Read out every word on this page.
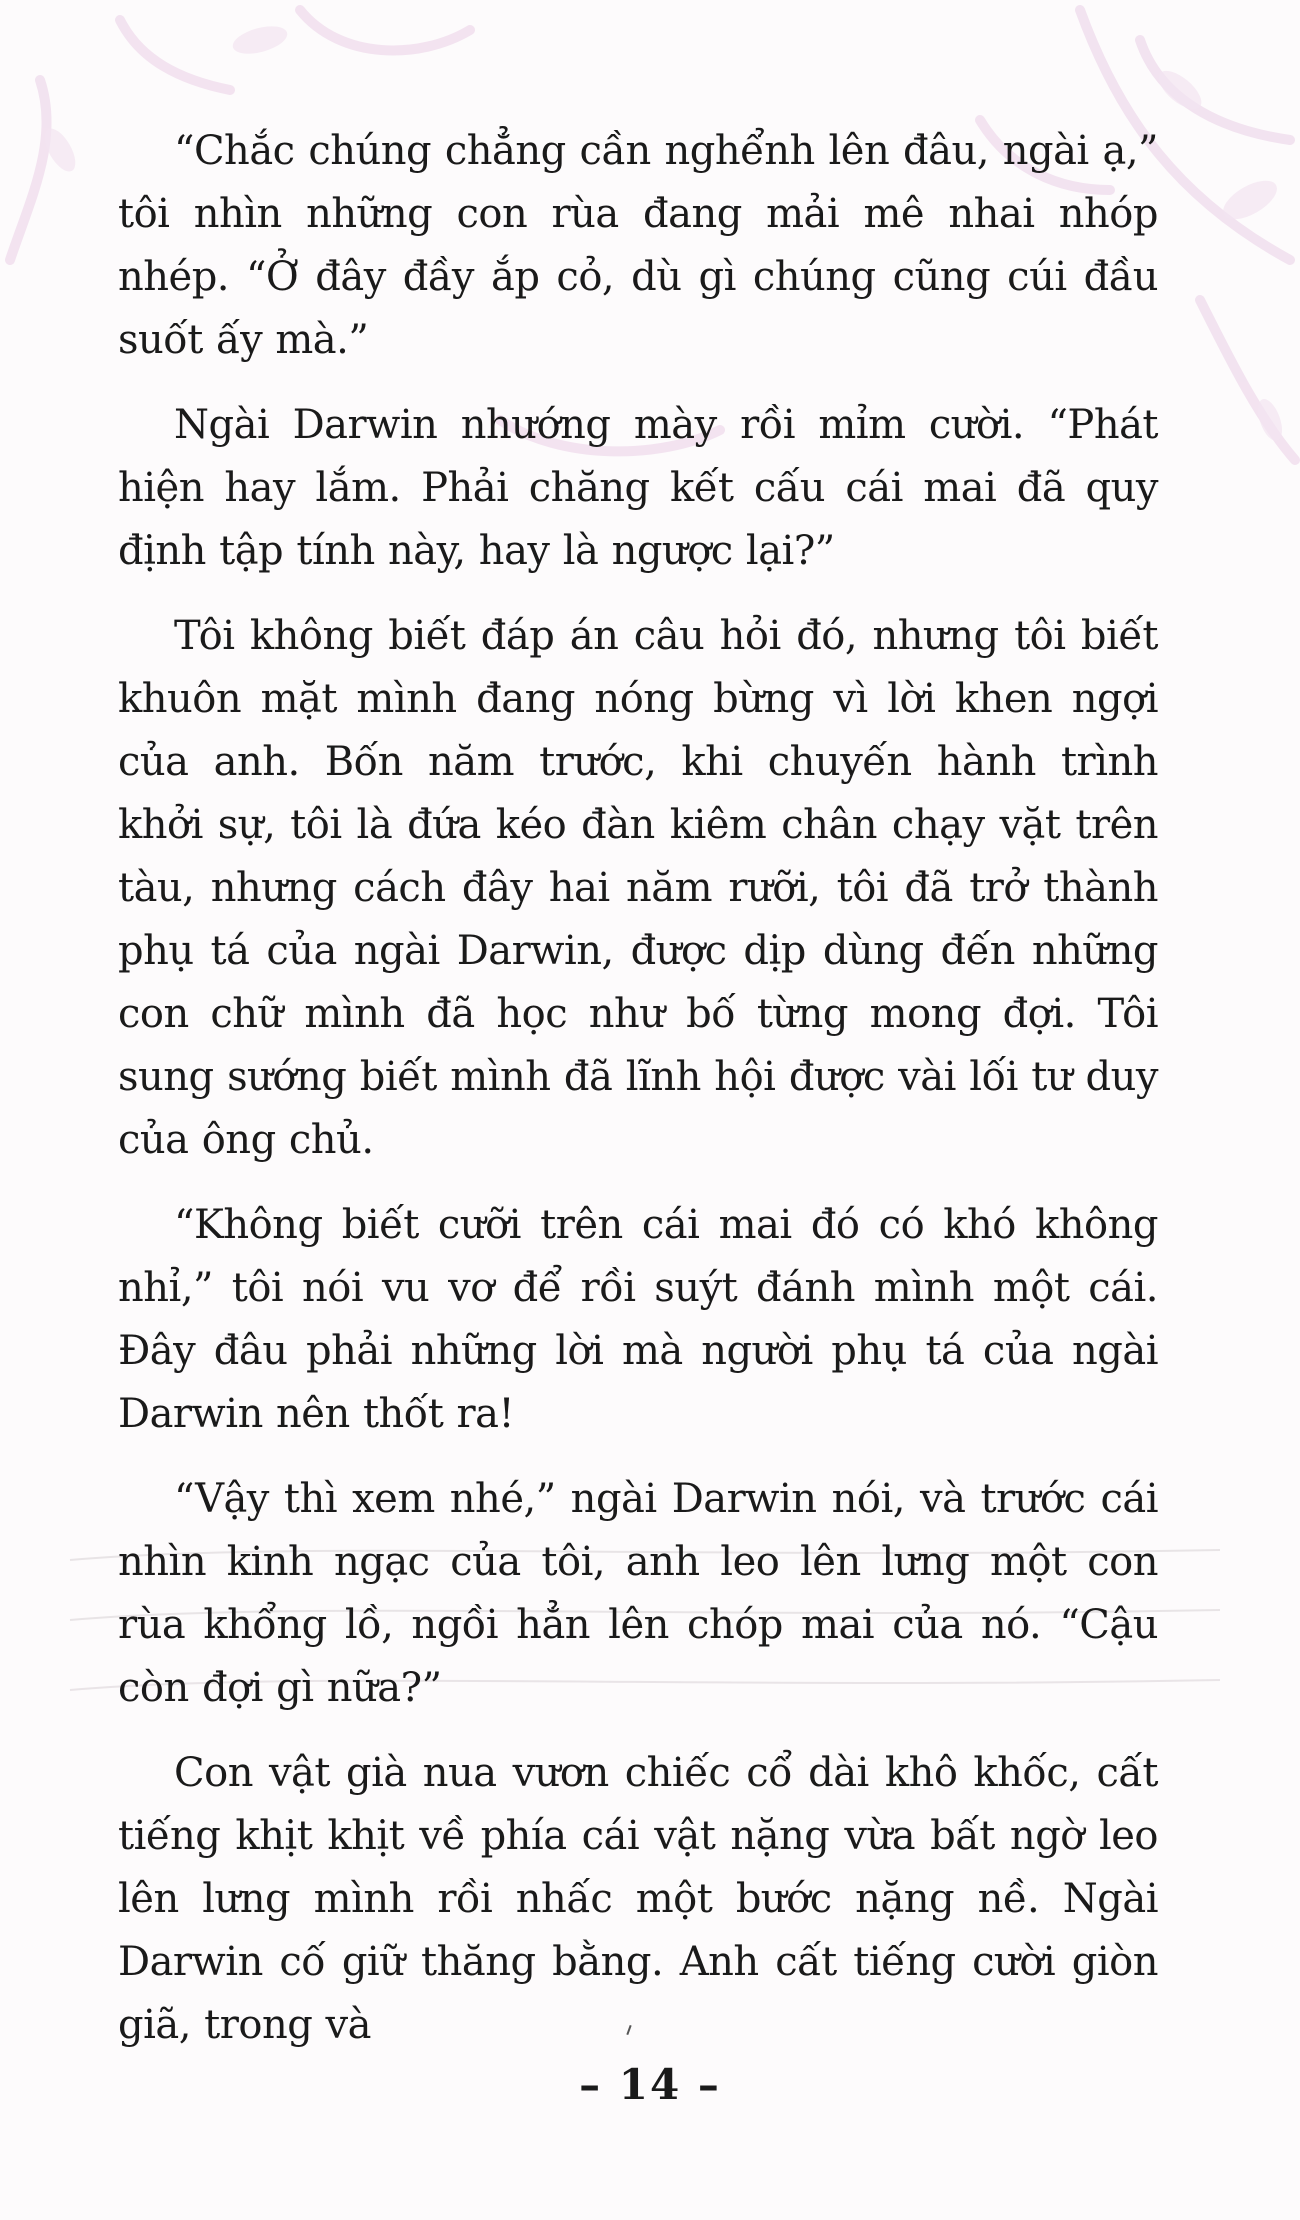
“Chắc chúng chẳng cần nghểnh lên đâu, ngài ạ,” tôi nhìn những con rùa đang mải mê nhai nhóp nhép. “Ở đây đầy ắp cỏ, dù gì chúng cũng cúi đầu suốt ấy mà.”

Ngài Darwin nhướng mày rồi mỉm cười. “Phát hiện hay lắm. Phải chăng kết cấu cái mai đã quy định tập tính này, hay là ngược lại?”

Tôi không biết đáp án câu hỏi đó, nhưng tôi biết khuôn mặt mình đang nóng bừng vì lời khen ngợi của anh. Bốn năm trước, khi chuyến hành trình khởi sự, tôi là đứa kéo đàn kiêm chân chạy vặt trên tàu, nhưng cách đây hai năm rưỡi, tôi đã trở thành phụ tá của ngài Darwin, được dịp dùng đến những con chữ mình đã học như bố từng mong đợi. Tôi sung sướng biết mình đã lĩnh hội được vài lối tư duy của ông chủ.

“Không biết cưỡi trên cái mai đó có khó không nhỉ,” tôi nói vu vơ để rồi suýt đánh mình một cái. Đây đâu phải những lời mà người phụ tá của ngài Darwin nên thốt ra!

“Vậy thì xem nhé,” ngài Darwin nói, và trước cái nhìn kinh ngạc của tôi, anh leo lên lưng một con rùa khổng lồ, ngồi hẳn lên chóp mai của nó. “Cậu còn đợi gì nữa?”

Con vật già nua vươn chiếc cổ dài khô khốc, cất tiếng khịt khịt về phía cái vật nặng vừa bất ngờ leo lên lưng mình rồi nhấc một bước nặng nề. Ngài Darwin cố giữ thăng bằng. Anh cất tiếng cười giòn giã, trong và

– 14 –
